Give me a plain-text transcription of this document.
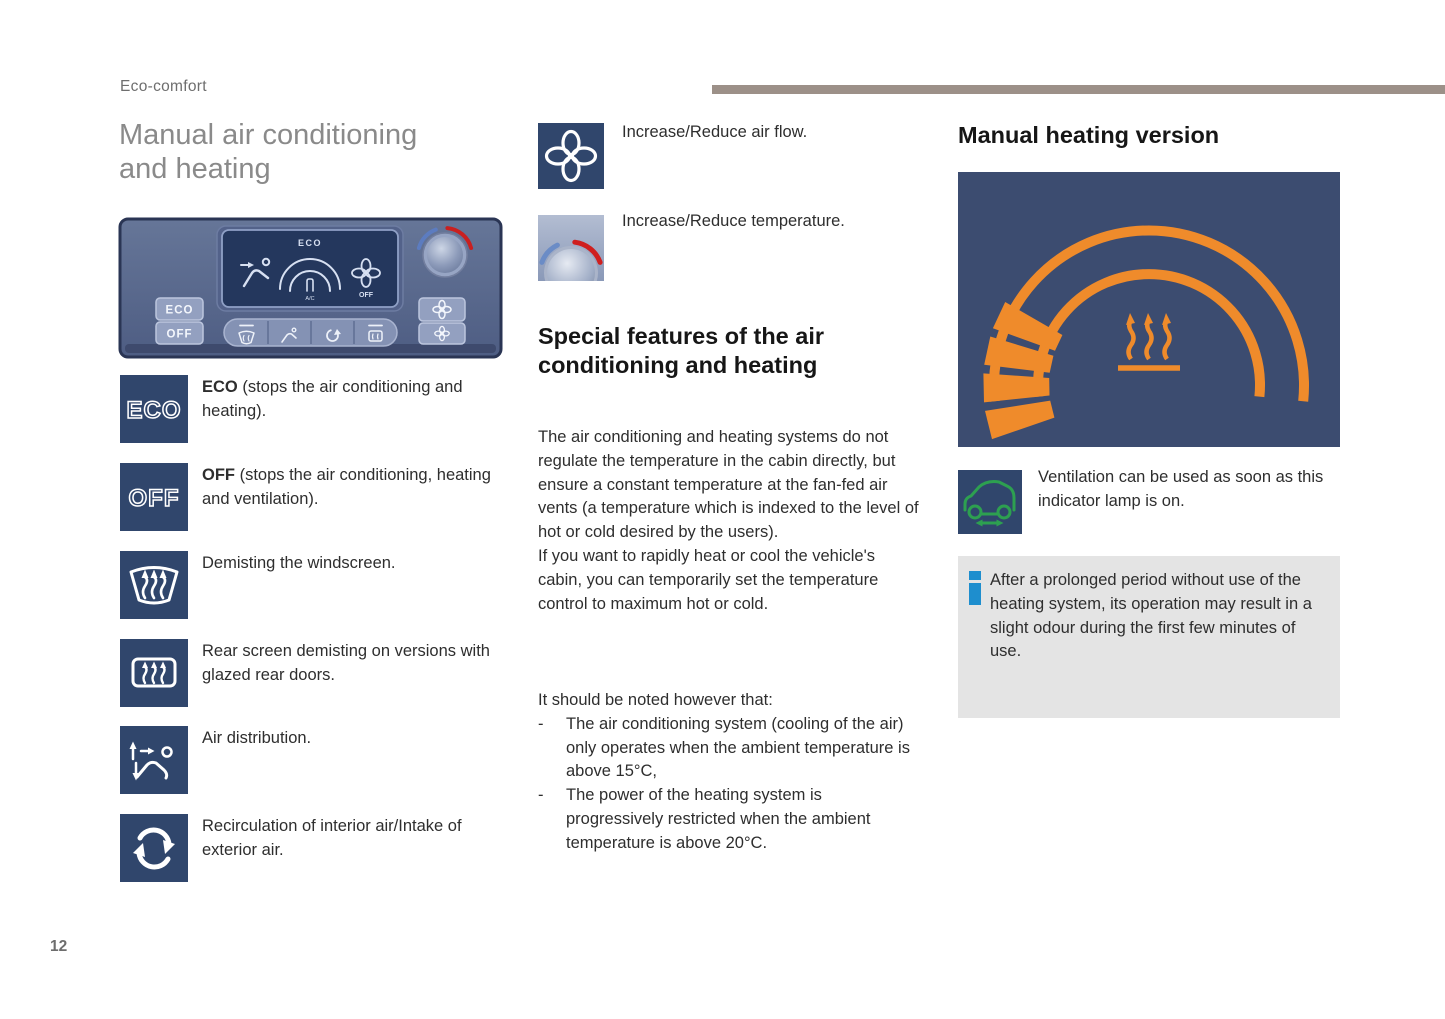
Eco-comfort
Manual air conditioning and heating
ECO
A/C	OFF
ECO
OFF
ECO
ECO (stops the air conditioning and heating).
OFF
OFF (stops the air conditioning, heating and ventilation).
Demisting the windscreen.
Rear screen demisting on versions with glazed rear doors.
Air distribution.
Recirculation of interior air/Intake of exterior air.
Increase/Reduce air flow.
Increase/Reduce temperature.
Special features of the air conditioning and heating
The air conditioning and heating systems do not regulate the temperature in the cabin directly, but ensure a constant temperature at the fan-fed air vents (a temperature which is indexed to the level of hot or cold desired by the users).
If you want to rapidly heat or cool the vehicle's cabin, you can temporarily set the temperature control to maximum hot or cold.
It should be noted however that:
-	The air conditioning system (cooling of the air) only operates when the ambient temperature is above 15°C,
-	The power of the heating system is progressively restricted when the ambient temperature is above 20°C.
Manual heating version
Ventilation can be used as soon as this indicator lamp is on.
After a prolonged period without use of the heating system, its operation may result in a slight odour during the first few minutes of use.
12
